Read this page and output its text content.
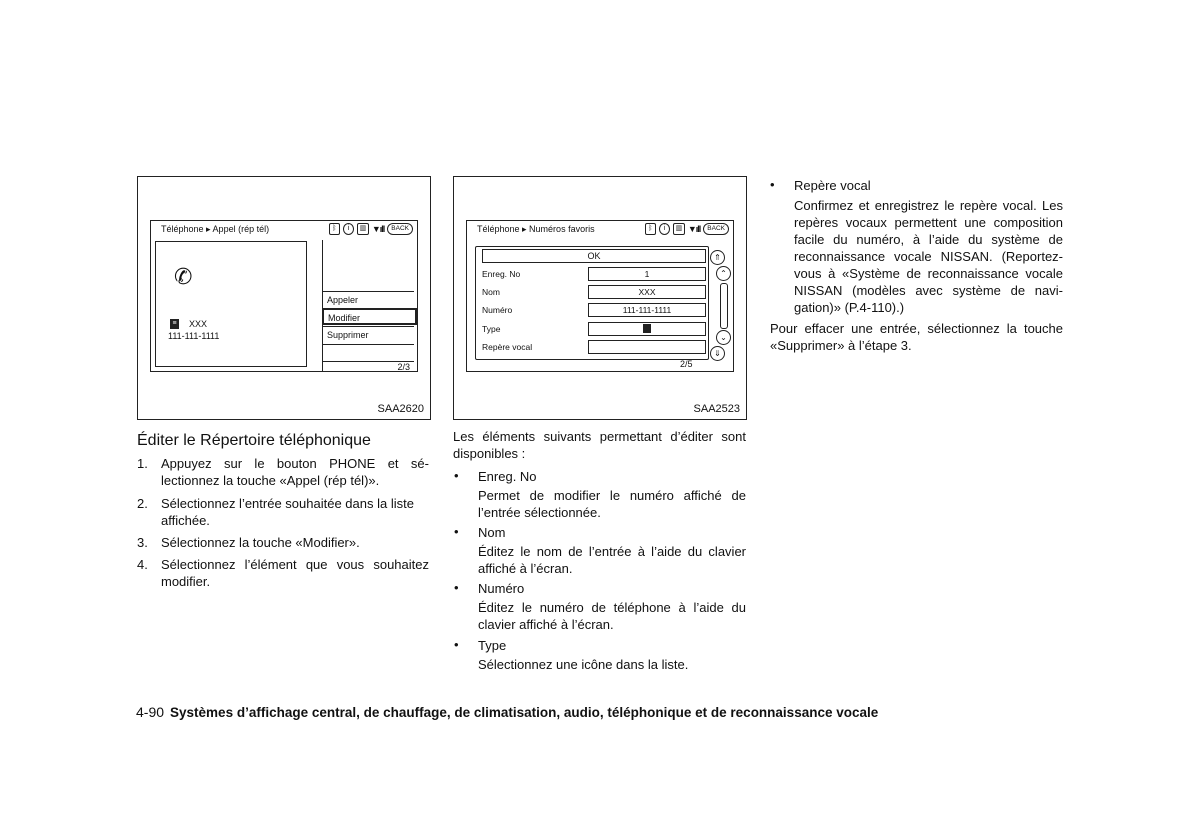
Téléphone ▸ Appel (rép tél)	ᛒ	i	▥ ▼ıll	BACK
✆
≡ XXX
111-111-1111
Appeler
Modifier
Supprimer
2/3
SAA2620
Téléphone ▸ Numéros favoris	ᛒ	i	▥ ▼ıll	BACK
OK
Enreg. No	1
Nom	XXX
Numéro	111-111-1111
Type
Repère vocal
⇑
⌃
⌄
⇓
2/5
SAA2523
Éditer le Répertoire téléphonique
1. Appuyez sur le bouton PHONE et sé-
lectionnez la touche «Appel (rép tél)».
2. Sélectionnez l’entrée souhaitée dans la liste
affichée.
3. Sélectionnez la touche «Modifier».
4. Sélectionnez l’élément que vous souhaitez
modifier.
Les éléments suivants permettant d’éditer sont
disponibles :
• Enreg. No
Permet de modifier le numéro affiché de
l’entrée sélectionnée.
• Nom
Éditez le nom de l’entrée à l’aide du clavier
affiché à l’écran.
• Numéro
Éditez le numéro de téléphone à l’aide du
clavier affiché à l’écran.
• Type
Sélectionnez une icône dans la liste.
• Repère vocal
Confirmez et enregistrez le repère vocal. Les
repères vocaux permettent une composition
facile du numéro, à l’aide du système de
reconnaissance vocale NISSAN. (Reportez-
vous à «Système de reconnaissance vocale
NISSAN (modèles avec système de navi-
gation)» (P.4-110).)
Pour effacer une entrée, sélectionnez la touche
«Supprimer» à l’étape 3.
4-90 Systèmes d’affichage central, de chauffage, de climatisation, audio, téléphonique et de reconnaissance vocale
